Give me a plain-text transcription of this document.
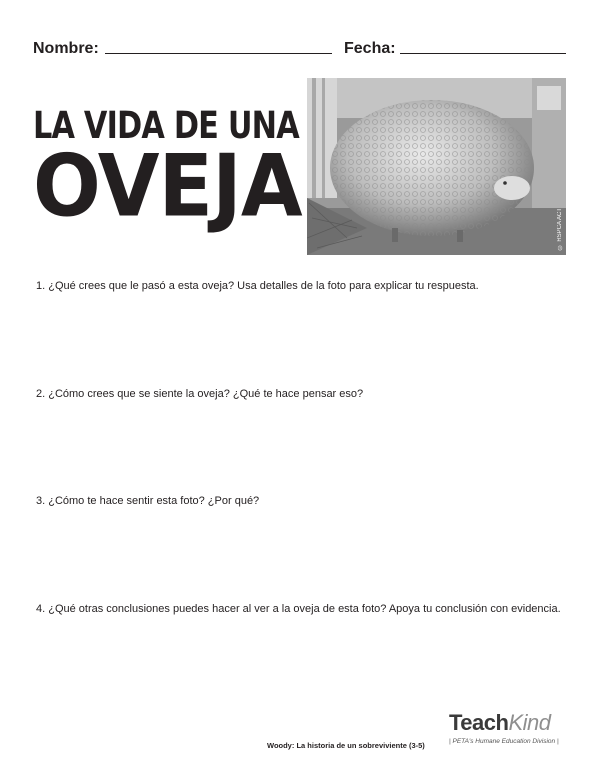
Nombre:	Fecha:
LA VIDA DE UNA
OVEJA	© RSPCA ACT
1. ¿Qué crees que le pasó a esta oveja? Usa detalles de la foto para explicar tu respuesta.
2. ¿Cómo crees que se siente la oveja? ¿Qué te hace pensar eso?
3. ¿Cómo te hace sentir esta foto? ¿Por qué?
4. ¿Qué otras conclusiones puedes hacer al ver a la oveja de esta foto? Apoya tu conclusión con evidencia.
Woody: La historia de un sobreviviente (3-5)
TeachKind
| PETA's Humane Education Division |
